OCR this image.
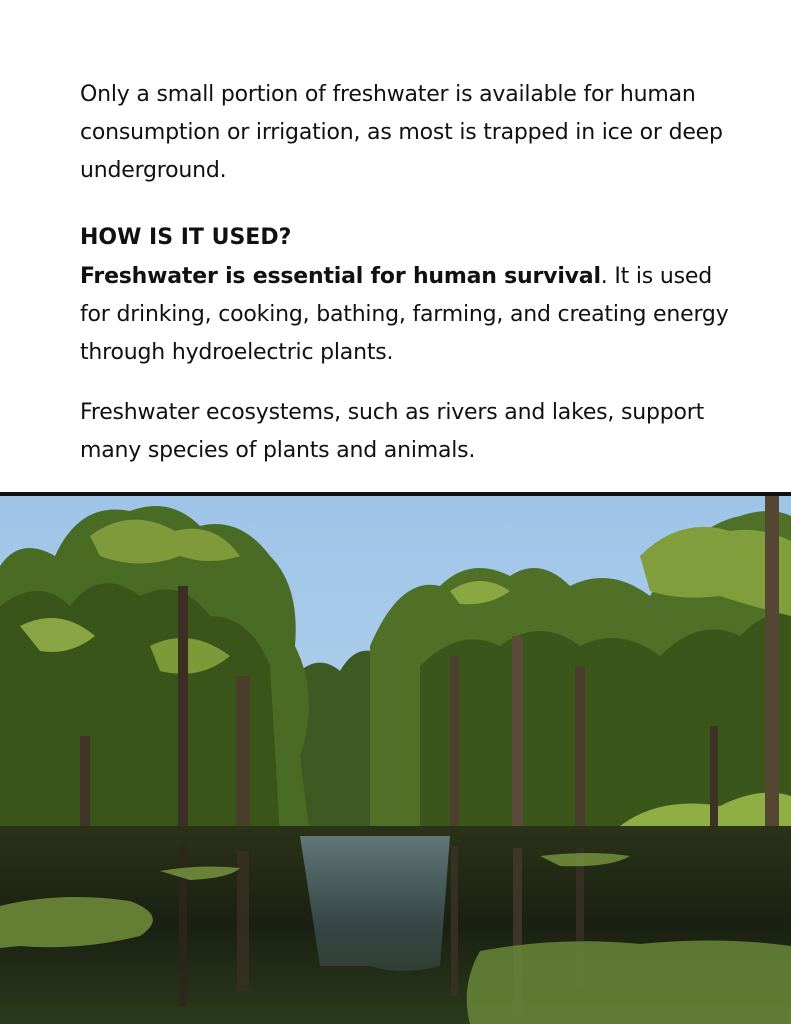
Only a small portion of freshwater is available for human consumption or irrigation, as most is trapped in ice or deep underground.

HOW IS IT USED?

Freshwater is essential for human survival. It is used for drinking, cooking, bathing, farming, and creating energy through hydroelectric plants.

Freshwater ecosystems, such as rivers and lakes, support many species of plants and animals.
